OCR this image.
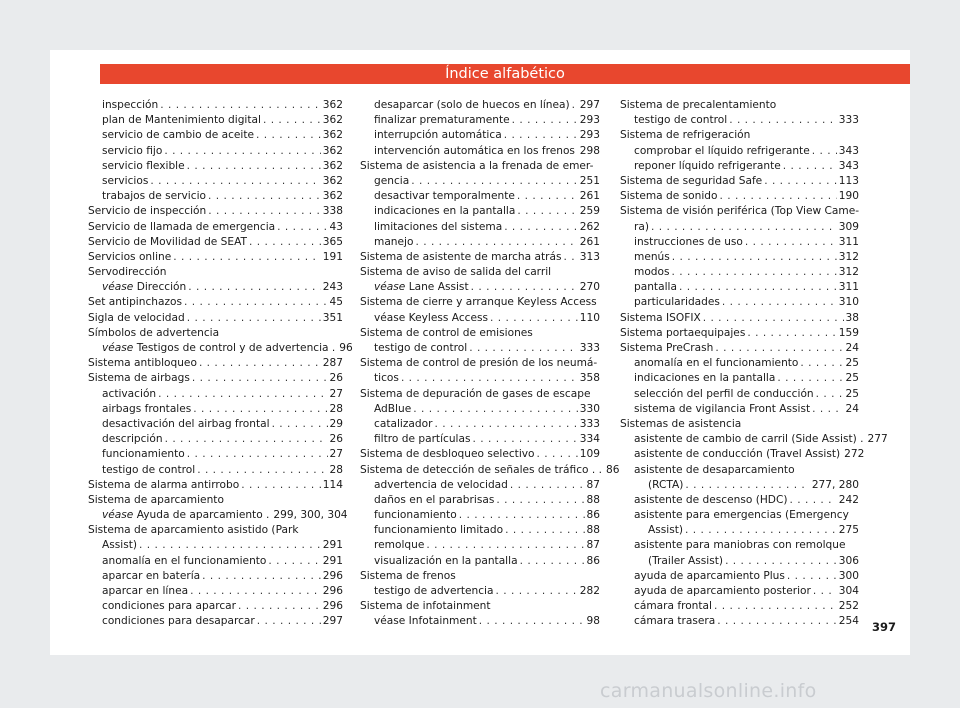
Índice alfabético
inspección . . .	362
plan de Mantenimiento digital . . .	362
servicio de cambio de aceite . . .	362
servicio fijo . . .	362
servicio flexible . . .	362
servicios . . .	362
trabajos de servicio . . .	362
Servicio de inspección . . .	338
Servicio de llamada de emergencia . . .	43
Servicio de Movilidad de SEAT . . .	365
Servicios online . . .	191
Servodirección
véase Dirección . . .	243
Set antipinchazos . . .	45
Sigla de velocidad . . .	351
Símbolos de advertencia
véase Testigos de control y de advertencia . 96
Sistema antibloqueo . . .	287
Sistema de airbags . . .	26
activación . . .	27
airbags frontales . . .	28
desactivación del airbag frontal . . .	29
descripción . . .	26
funcionamiento . . .	27
testigo de control . . .	28
Sistema de alarma antirrobo . . .	114
Sistema de aparcamiento
véase Ayuda de aparcamiento . 299, 300, 304
Sistema de aparcamiento asistido (Park
Assist) . . .	291
anomalía en el funcionamiento . . .	291
aparcar en batería . . .	296
aparcar en línea . . .	296
condiciones para aparcar . . .	296
condiciones para desaparcar . . .	297
desaparcar (solo de huecos en línea) . . . 297
finalizar prematuramente . . .	293
interrupción automática . . .	293
intervención automática en los frenos . . . 298
Sistema de asistencia a la frenada de emer-
gencia . . .	251
desactivar temporalmente . . .	261
indicaciones en la pantalla . . .	259
limitaciones del sistema . . .	262
manejo . . .	261
Sistema de asistente de marcha atrás . . . 313
Sistema de aviso de salida del carril
véase Lane Assist . . .	270
Sistema de cierre y arranque Keyless Access
véase Keyless Access . . .	110
Sistema de control de emisiones
testigo de control . . .	333
Sistema de control de presión de los neumá-
ticos . . .	358
Sistema de depuración de gases de escape
AdBlue . . .	330
catalizador . . .	333
filtro de partículas . . .	334
Sistema de desbloqueo selectivo . . .	109
Sistema de detección de señales de tráfico . . 86
advertencia de velocidad . . .	87
daños en el parabrisas . . .	88
funcionamiento . . .	86
funcionamiento limitado . . .	88
remolque . . .	87
visualización en la pantalla . . .	86
Sistema de frenos
testigo de advertencia . . .	282
Sistema de infotainment
véase Infotainment . . .	98
Sistema de precalentamiento
testigo de control . . .	333
Sistema de refrigeración
comprobar el líquido refrigerante . . .	343
reponer líquido refrigerante . . .	343
Sistema de seguridad Safe . . .	113
Sistema de sonido . . .	190
Sistema de visión periférica (Top View Came-
ra) . . .	309
instrucciones de uso . . .	311
menús . . .	312
modos . . .	312
pantalla . . .	311
particularidades . . .	310
Sistema ISOFIX . . .	38
Sistema portaequipajes . . .	159
Sistema PreCrash . . .	24
anomalía en el funcionamiento . . .	25
indicaciones en la pantalla . . .	25
selección del perfil de conducción . . .	25
sistema de vigilancia Front Assist . . .	24
Sistemas de asistencia
asistente de cambio de carril (Side Assist) . 277
asistente de conducción (Travel Assist) 272
asistente de desaparcamiento
(RCTA) . . .	277, 280
asistente de descenso (HDC) . . .	242
asistente para emergencias (Emergency
Assist) . . .	275
asistente para maniobras con remolque
(Trailer Assist) . . .	306
ayuda de aparcamiento Plus . . .	300
ayuda de aparcamiento posterior . . .	304
cámara frontal . . .	252
cámara trasera . . .	254 397
carmanualsonline.info
